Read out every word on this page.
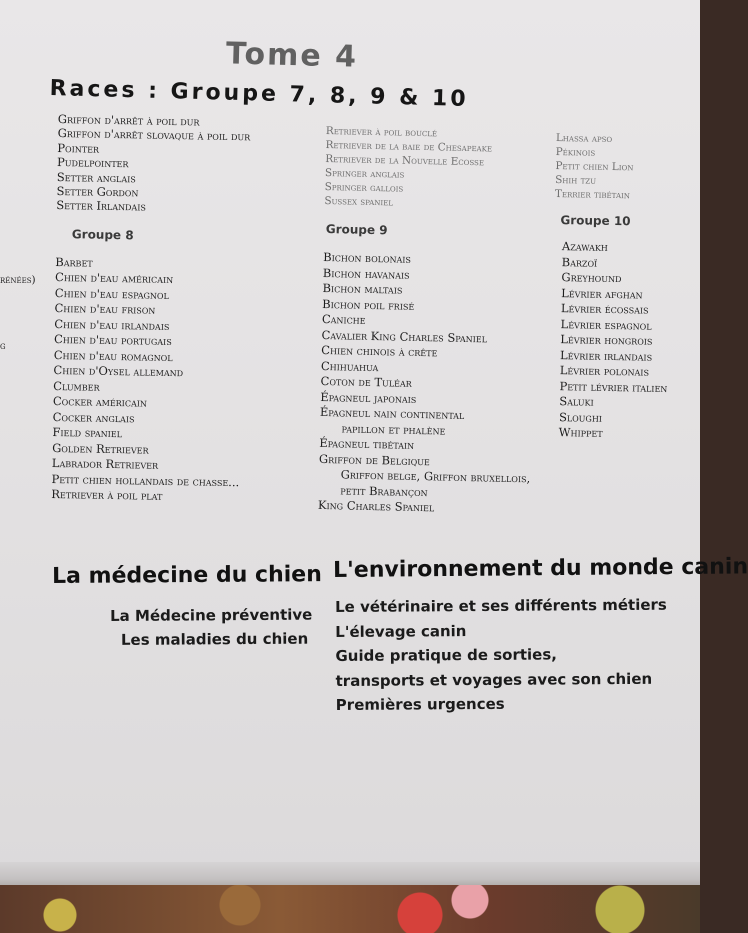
Tome 4
Races : Groupe 7, 8, 9 & 10
rénées)
g
Griffon d'arrêt à poil dur
Griffon d'arrêt slovaque à poil dur
Pointer
Pudelpointer
Setter anglais
Setter Gordon
Setter Irlandais
Groupe 8
Barbet
Chien d'eau américain
Chien d'eau espagnol
Chien d'eau frison
Chien d'eau irlandais
Chien d'eau portugais
Chien d'eau romagnol
Chien d'Oysel allemand
Clumber
Cocker américain
Cocker anglais
Field spaniel
Golden Retriever
Labrador Retriever
Petit chien hollandais de chasse...
Retriever à poil plat
Retriever à poil bouclé
Retriever de la baie de Chesapeake
Retriever de la Nouvelle Ecosse
Springer anglais
Springer gallois
Sussex spaniel
Groupe 9
Bichon bolonais
Bichon havanais
Bichon maltais
Bichon poil frisé
Caniche
Cavalier King Charles Spaniel
Chien chinois à crête
Chihuahua
Coton de Tuléar
Épagneul japonais
Épagneul nain continental
papillon et phalène
Épagneul tibétain
Griffon de Belgique
Griffon belge, Griffon bruxellois,
petit Brabançon
King Charles Spaniel
Lhassa apso
Pékinois
Petit chien Lion
Shih tzu
Terrier tibétain
Groupe 10
Azawakh
Barzoï
Greyhound
Lévrier afghan
Lévrier écossais
Lévrier espagnol
Lévrier hongrois
Lévrier irlandais
Lévrier polonais
Petit lévrier italien
Saluki
Sloughi
Whippet
La médecine du chien
La Médecine préventive
Les maladies du chien
L'environnement du monde canin
Le vétérinaire et ses différents métiers
L'élevage canin
Guide pratique de sorties,
transports et voyages avec son chien
Premières urgences
